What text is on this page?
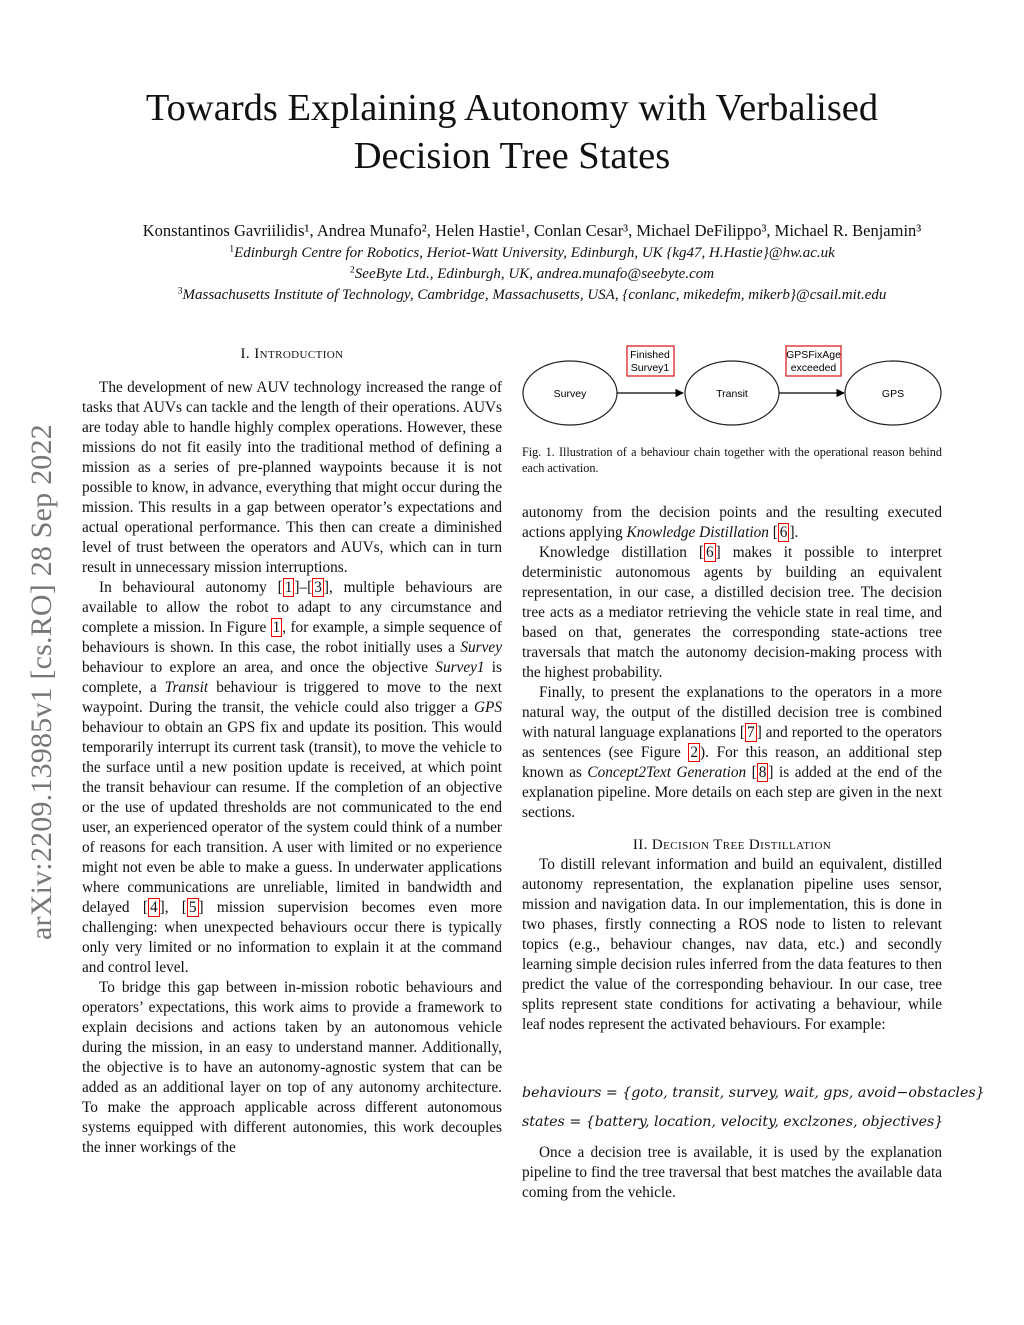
Towards Explaining Autonomy with Verbalised
Decision Tree States

Konstantinos Gavriilidis¹, Andrea Munafo², Helen Hastie¹, Conlan Cesar³, Michael DeFilippo³, Michael R. Benjamin³

$^1$Edinburgh Centre for Robotics, Heriot-Watt University, Edinburgh, UK {kg47, H.Hastie}@hw.ac.uk

$^2$SeeByte Ltd., Edinburgh, UK, andrea.munafo@seebyte.com

$^3$Massachusetts Institute of Technology, Cambridge, Massachusetts, USA, {conlanc, mikedefm, mikerb}@csail.mit.edu

arXiv:2209.13985v1 [cs.RO] 28 Sep 2022

I. Introduction

The development of new AUV technology increased the range of tasks that AUVs can tackle and the length of their operations. AUVs are today able to handle highly complex operations. However, these missions do not fit easily into the traditional method of defining a mission as a series of pre-planned waypoints because it is not possible to know, in advance, everything that might occur during the mission. This results in a gap between operator’s expectations and actual operational performance. This then can create a diminished level of trust between the operators and AUVs, which can in turn result in unnecessary mission interruptions.

In behavioural autonomy [ 1 ]–[ 3 ], multiple behaviours are available to allow the robot to adapt to any circumstance and complete a mission. In Figure 1 , for example, a simple sequence of behaviours is shown. In this case, the robot initially uses a Survey behaviour to explore an area, and once the objective Survey1 is complete, a Transit behaviour is triggered to move to the next waypoint. During the transit, the vehicle could also trigger a GPS behaviour to obtain an GPS fix and update its position. This would temporarily interrupt its current task (transit), to move the vehicle to the surface until a new position update is received, at which point the transit behaviour can resume. If the completion of an objective or the use of updated thresholds are not communicated to the end user, an experienced operator of the system could think of a number of reasons for each transition. A user with limited or no experience might not even be able to make a guess. In underwater applications where communications are unreliable, limited in bandwidth and delayed [ 4 ], [ 5 ] mission supervision becomes even more challenging: when unexpected behaviours occur there is typically only very limited or no information to explain it at the command and control level.

To bridge this gap between in-mission robotic behaviours and operators’ expectations, this work aims to provide a framework to explain decisions and actions taken by an autonomous vehicle during the mission, in an easy to understand manner. Additionally, the objective is to have an autonomy-agnostic system that can be added as an additional layer on top of any autonomy architecture. To make the approach applicable across different autonomous systems equipped with different autonomies, this work decouples the inner workings of the

Survey	Transit	GPS
Finished
Survey1
GPSFixAge
exceeded

Fig. 1. Illustration of a behaviour chain together with the operational reason behind each activation.

autonomy from the decision points and the resulting executed actions applying Knowledge Distillation [ 6 ].

Knowledge distillation [ 6 ] makes it possible to interpret deterministic autonomous agents by building an equivalent representation, in our case, a distilled decision tree. The decision tree acts as a mediator retrieving the vehicle state in real time, and based on that, generates the corresponding state-actions tree traversals that match the autonomy decision-making process with the highest probability.

Finally, to present the explanations to the operators in a more natural way, the output of the distilled decision tree is combined with natural language explanations [ 7 ] and reported to the operators as sentences (see Figure 2 ). For this reason, an additional step known as Concept2Text Generation [ 8 ] is added at the end of the explanation pipeline. More details on each step are given in the next sections.

II. Decision Tree Distillation

To distill relevant information and build an equivalent, distilled autonomy representation, the explanation pipeline uses sensor, mission and navigation data. In our implementation, this is done in two phases, firstly connecting a ROS node to listen to relevant topics (e.g., behaviour changes, nav data, etc.) and secondly learning simple decision rules inferred from the data features to then predict the value of the corresponding behaviour. In our case, tree splits represent state conditions for activating a behaviour, while leaf nodes represent the activated behaviours. For example:

behaviours = {goto, transit, survey, wait, gps, avoid−obstacles}

states = {battery, location, velocity, exclzones, objectives}

Once a decision tree is available, it is used by the explanation pipeline to find the tree traversal that best matches the available data coming from the vehicle.
